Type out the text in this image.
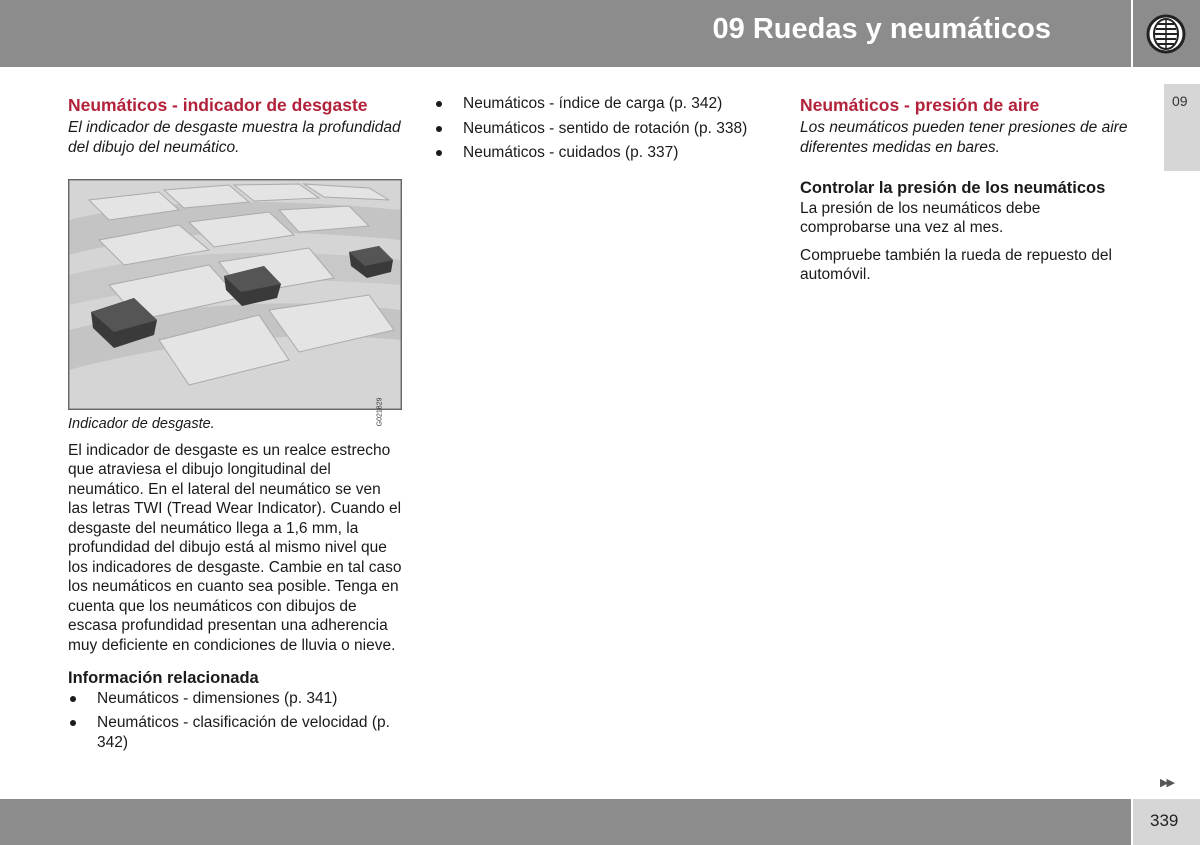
09 Ruedas y neumáticos
09
Neumáticos - indicador de desgaste

El indicador de desgaste muestra la profundidad del dibujo del neumático.

G021829

Indicador de desgaste.

El indicador de desgaste es un realce estrecho que atraviesa el dibujo longitudinal del neumático. En el lateral del neumático se ven las letras TWI (Tread Wear Indicator). Cuando el desgaste del neumático llega a 1,6 mm, la profundidad del dibujo está al mismo nivel que los indicadores de desgaste. Cambie en tal caso los neumáticos en cuanto sea posible. Tenga en cuenta que los neumáticos con dibujos de escasa profundidad presentan una adherencia muy deficiente en condiciones de lluvia o nieve.

Información relacionada

Neumáticos - dimensiones (p. 341)
Neumáticos - clasificación de velocidad (p. 342)
Neumáticos - índice de carga (p. 342)
Neumáticos - sentido de rotación (p. 338)
Neumáticos - cuidados (p. 337)
Neumáticos - presión de aire

Los neumáticos pueden tener presiones de aire diferentes medidas en bares.

Controlar la presión de los neumáticos

La presión de los neumáticos debe comprobarse una vez al mes.

Compruebe también la rueda de repuesto del automóvil.

▶▶
339
